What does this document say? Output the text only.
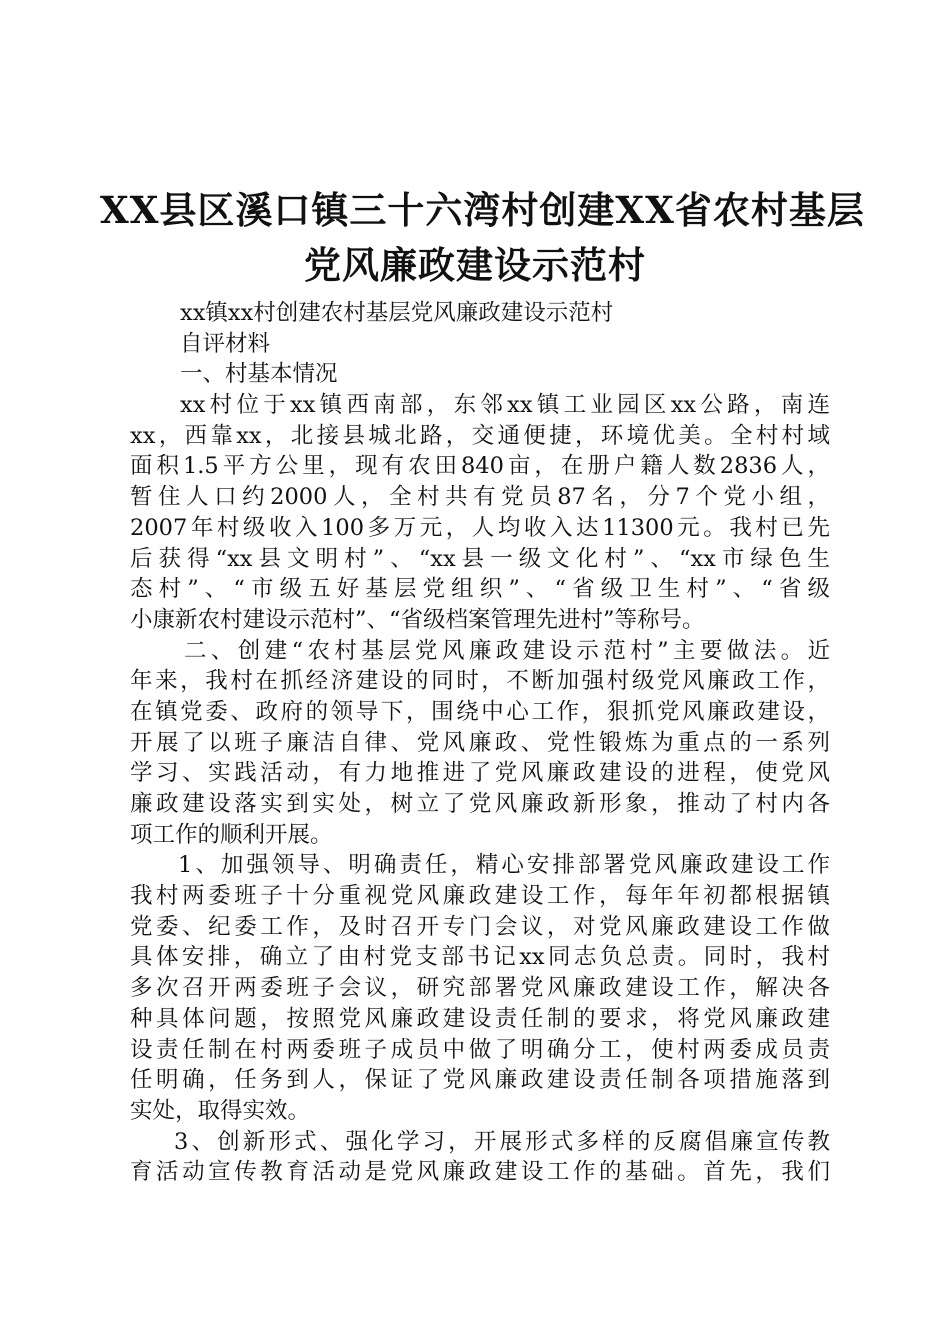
XX县区溪口镇三十六湾村创建XX省农村基层
党风廉政建设示范村
xx镇xx村创建农村基层党风廉政建设示范村
自评材料
一、村基本情况
xx村位于xx镇西南部，东邻xx镇工业园区xx公路，南连
xx，西靠xx，北接县城北路，交通便捷，环境优美。全村村域
面积1.5平方公里，现有农田840亩，在册户籍人数2836人，
暂住人口约2000人，全村共有党员87名，分7个党小组，
2007年村级收入100多万元，人均收入达11300元。我村已先
后获得“xx县文明村”、“xx县一级文化村”、“xx市绿色生
态村”、“市级五好基层党组织”、“省级卫生村”、“省级
小康新农村建设示范村”、“省级档案管理先进村”等称号。
二、创建“农村基层党风廉政建设示范村”主要做法。近
年来，我村在抓经济建设的同时，不断加强村级党风廉政工作，
在镇党委、政府的领导下，围绕中心工作，狠抓党风廉政建设，
开展了以班子廉洁自律、党风廉政、党性锻炼为重点的一系列
学习、实践活动，有力地推进了党风廉政建设的进程，使党风
廉政建设落实到实处，树立了党风廉政新形象，推动了村内各
项工作的顺利开展。
1、加强领导、明确责任，精心安排部署党风廉政建设工作
我村两委班子十分重视党风廉政建设工作，每年年初都根据镇
党委、纪委工作，及时召开专门会议，对党风廉政建设工作做
具体安排，确立了由村党支部书记xx同志负总责。同时，我村
多次召开两委班子会议，研究部署党风廉政建设工作，解决各
种具体问题，按照党风廉政建设责任制的要求，将党风廉政建
设责任制在村两委班子成员中做了明确分工，使村两委成员责
任明确，任务到人，保证了党风廉政建设责任制各项措施落到
实处，取得实效。
3、创新形式、强化学习，开展形式多样的反腐倡廉宣传教
育活动宣传教育活动是党风廉政建设工作的基础。首先，我们
